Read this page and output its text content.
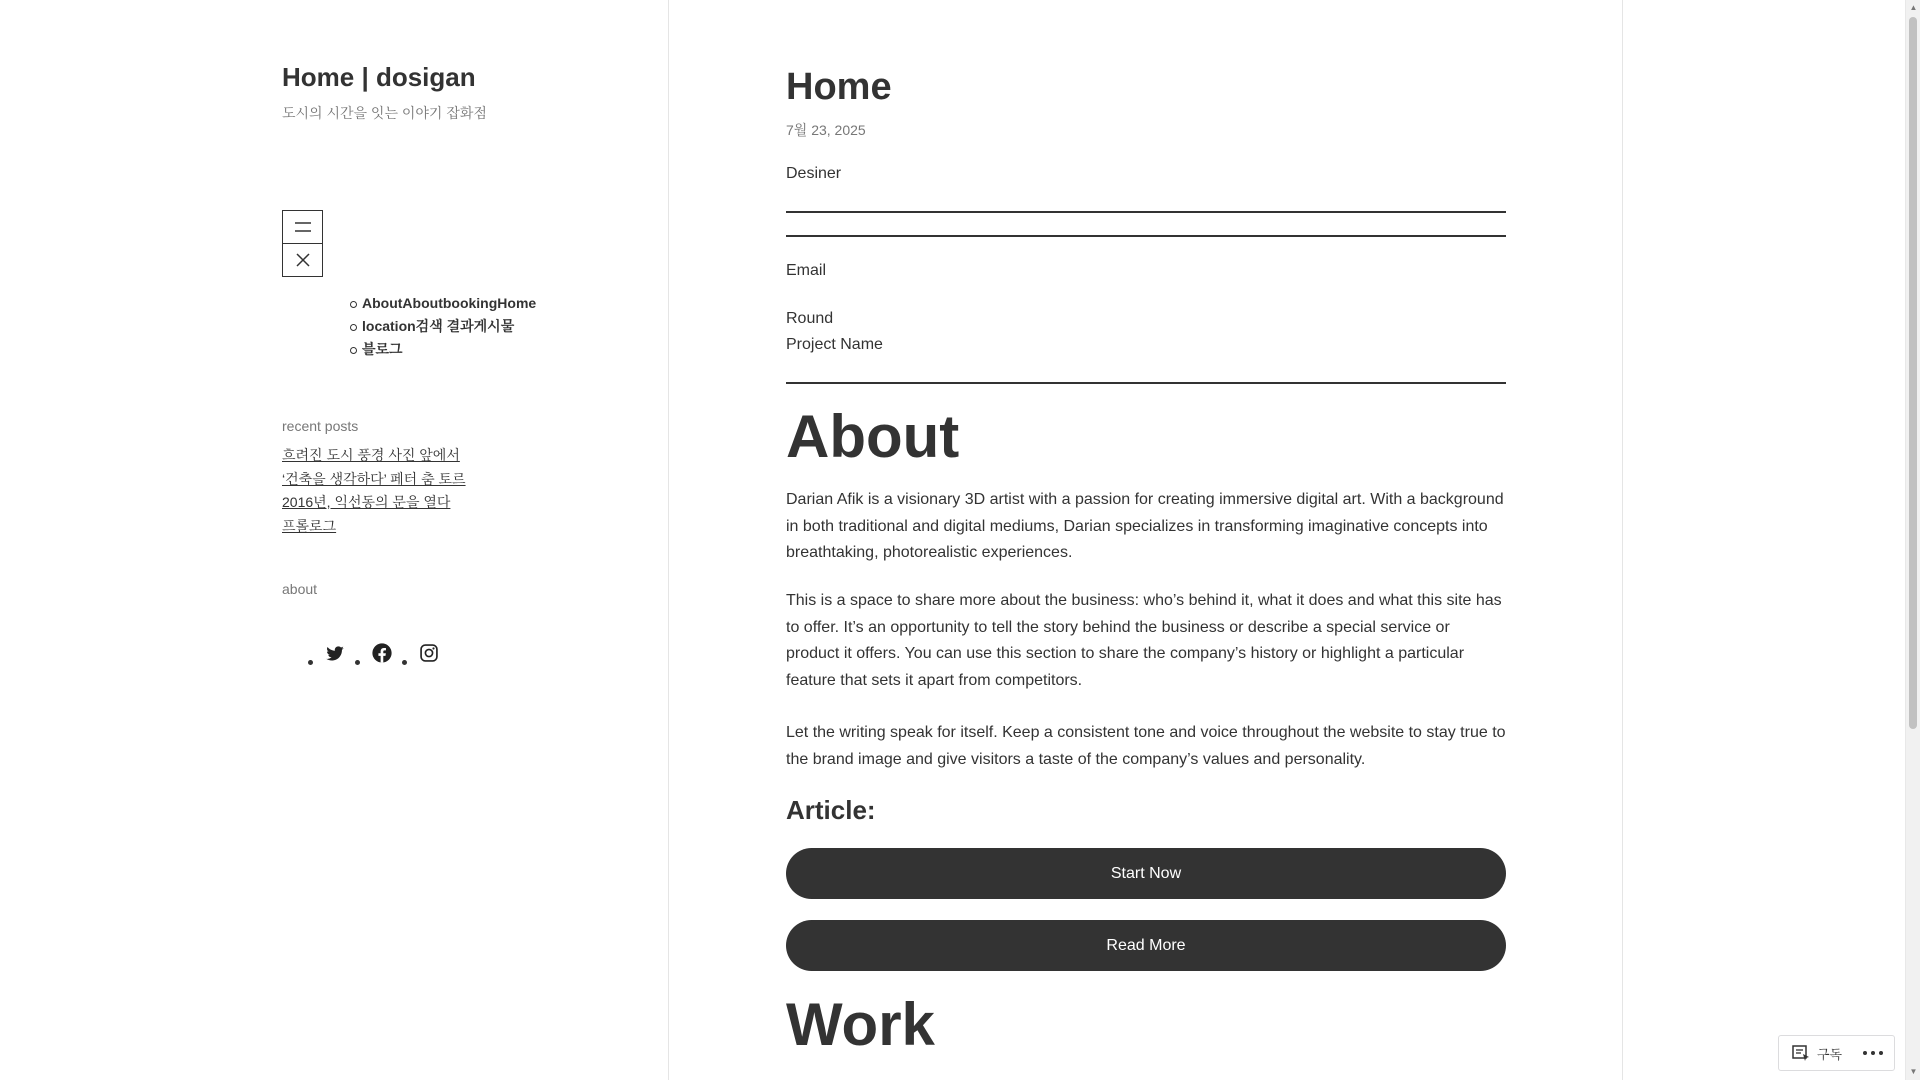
Home | dosigan
도시의 시간을 잇는 이야기 잡화점
AboutAboutbookingHome
location검색 결과게시물
블로그
recent posts
흐려진 도시 풍경 사진 앞에서
‘건축을 생각하다’ 페터 춤 토르
2016년, 익선동의 문을 열다
프롤로그
about
Home
7월 23, 2025
Desiner
Email
Round
Project Name
About

Darian Afik is a visionary 3D artist with a passion for creating immersive digital art. With a background in both traditional and digital mediums, Darian specializes in transforming imaginative concepts into breathtaking, photorealistic experiences.

This is a space to share more about the business: who’s behind it, what it does and what this site has to offer. It’s an opportunity to tell the story behind the business or describe a special service or product it offers. You can use this section to share the company’s history or highlight a particular feature that sets it apart from competitors.

Let the writing speak for itself. Keep a consistent tone and voice throughout the website to stay true to the brand image and give visitors a taste of the company’s values and personality.

Article:
Start Now
Read More
Work
▲
▼
구독
